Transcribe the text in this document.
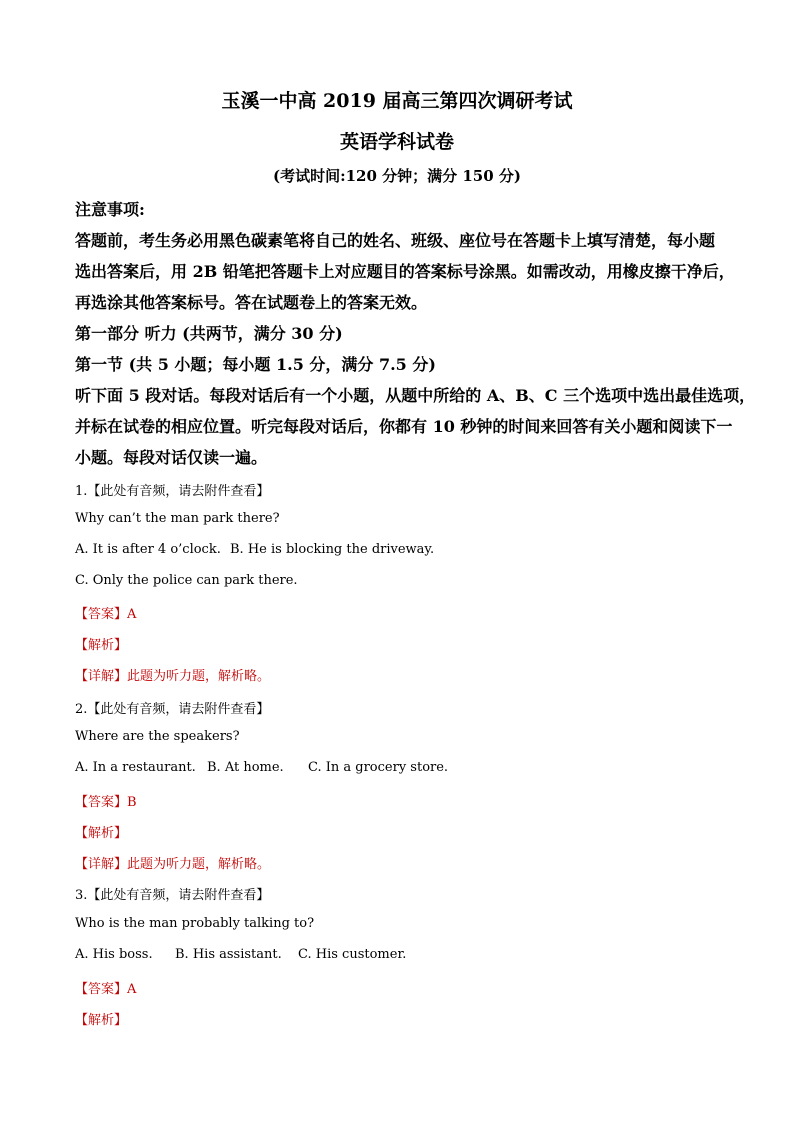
玉溪一中高 2019 届高三第四次调研考试
英语学科试卷
(考试时间:120 分钟；满分 150 分)
注意事项:
答题前，考生务必用黑色碳素笔将自己的姓名、班级、座位号在答题卡上填写清楚，每小题
选出答案后，用 2B 铅笔把答题卡上对应题目的答案标号涂黑。如需改动，用橡皮擦干净后，
再选涂其他答案标号。答在试题卷上的答案无效。
第一部分 听力 (共两节，满分 30 分)
第一节 (共 5 小题；每小题 1.5 分，满分 7.5 分)
听下面 5 段对话。每段对话后有一个小题，从题中所给的 A、B、C 三个选项中选出最佳选项，
并标在试卷的相应位置。听完每段对话后，你都有 10 秒钟的时间来回答有关小题和阅读下一
小题。每段对话仅读一遍。
1.【此处有音频，请去附件查看】
Why can’t the man park there?
A. It is after 4 o’clock. B. He is blocking the driveway.
C. Only the police can park there.
【答案】A
【解析】
【详解】此题为听力题，解析略。
2.【此处有音频，请去附件查看】
Where are the speakers?
A. In a restaurant. B. At home. C. In a grocery store.
【答案】B
【解析】
【详解】此题为听力题，解析略。
3.【此处有音频，请去附件查看】
Who is the man probably talking to?
A. His boss. B. His assistant. C. His customer.
【答案】A
【解析】
